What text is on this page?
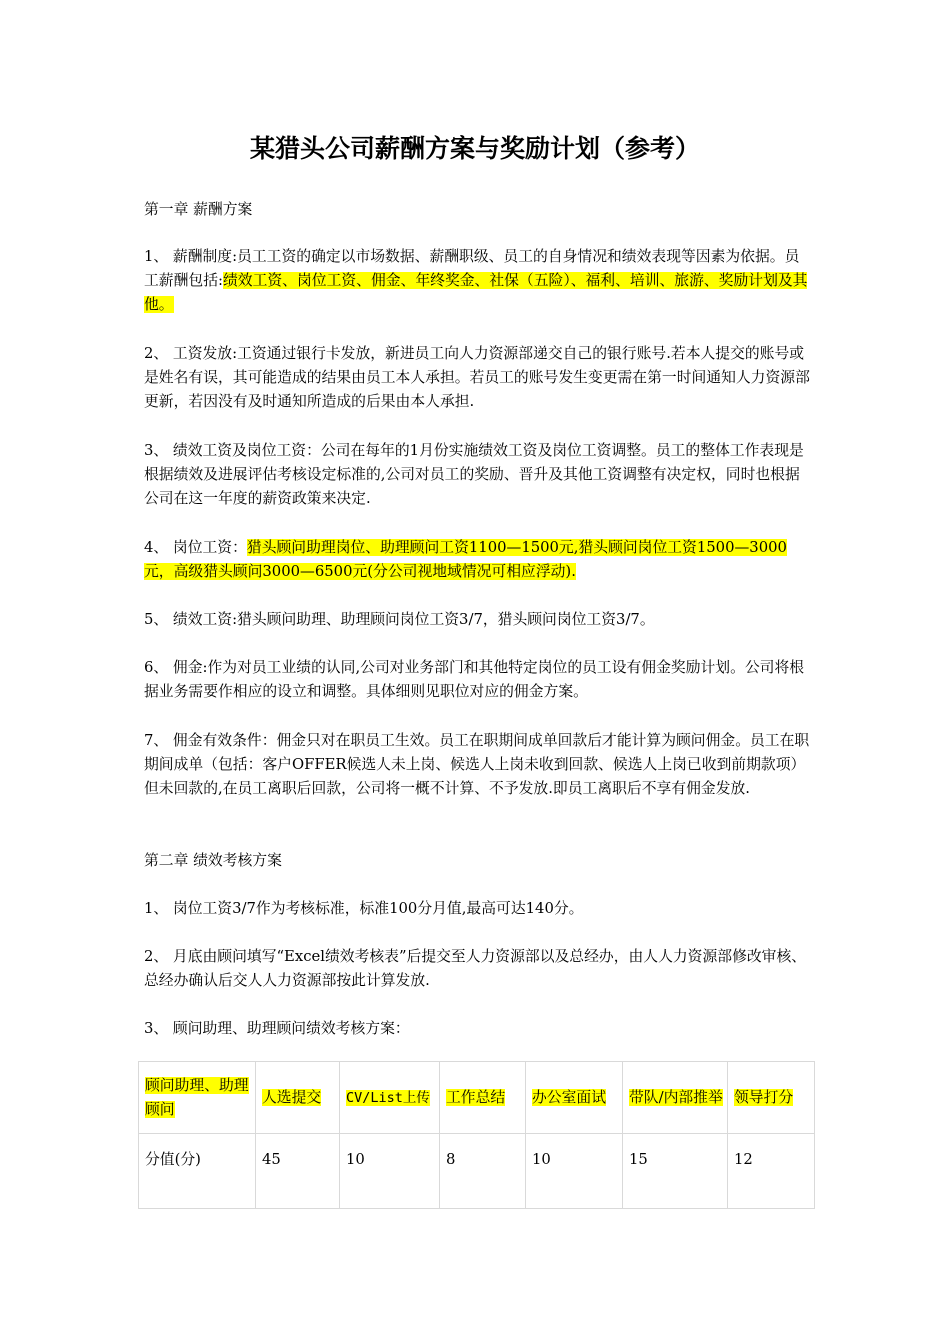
某猎头公司薪酬方案与奖励计划（参考）
第一章 薪酬方案
1、 薪酬制度:员工工资的确定以市场数据、薪酬职级、员工的自身情况和绩效表现等因素为依据。员工薪酬包括:绩效工资、岗位工资、佣金、年终奖金、社保（五险）、福利、培训、旅游、奖励计划及其他。
2、 工资发放:工资通过银行卡发放，新进员工向人力资源部递交自己的银行账号.若本人提交的账号或是姓名有误，其可能造成的结果由员工本人承担。若员工的账号发生变更需在第一时间通知人力资源部更新，若因没有及时通知所造成的后果由本人承担.
3、 绩效工资及岗位工资：公司在每年的1月份实施绩效工资及岗位工资调整。员工的整体工作表现是根据绩效及进展评估考核设定标准的,公司对员工的奖励、晋升及其他工资调整有决定权，同时也根据公司在这一年度的薪资政策来决定.
4、 岗位工资：猎头顾问助理岗位、助理顾问工资1100—1500元,猎头顾问岗位工资1500—3000元，高级猎头顾问3000—6500元(分公司视地域情况可相应浮动).
5、 绩效工资:猎头顾问助理、助理顾问岗位工资3/7，猎头顾问岗位工资3/7。
6、 佣金:作为对员工业绩的认同,公司对业务部门和其他特定岗位的员工设有佣金奖励计划。公司将根据业务需要作相应的设立和调整。具体细则见职位对应的佣金方案。
7、 佣金有效条件：佣金只对在职员工生效。员工在职期间成单回款后才能计算为顾问佣金。员工在职期间成单（包括：客户OFFER候选人未上岗、候选人上岗未收到回款、候选人上岗已收到前期款项）但未回款的,在员工离职后回款，公司将一概不计算、不予发放.即员工离职后不享有佣金发放.
第二章 绩效考核方案
1、 岗位工资3/7作为考核标准，标准100分月值,最高可达140分。
2、 月底由顾问填写“Excel绩效考核表”后提交至人力资源部以及总经办，由人人力资源部修改审核、总经办确认后交人人力资源部按此计算发放.
3、 顾问助理、助理顾问绩效考核方案：
顾问助理、助理顾问	人选提交	CV/List上传	工作总结	办公室面试	带队/内部推举	领导打分
分值(分)	45	10	8	10	15	12
